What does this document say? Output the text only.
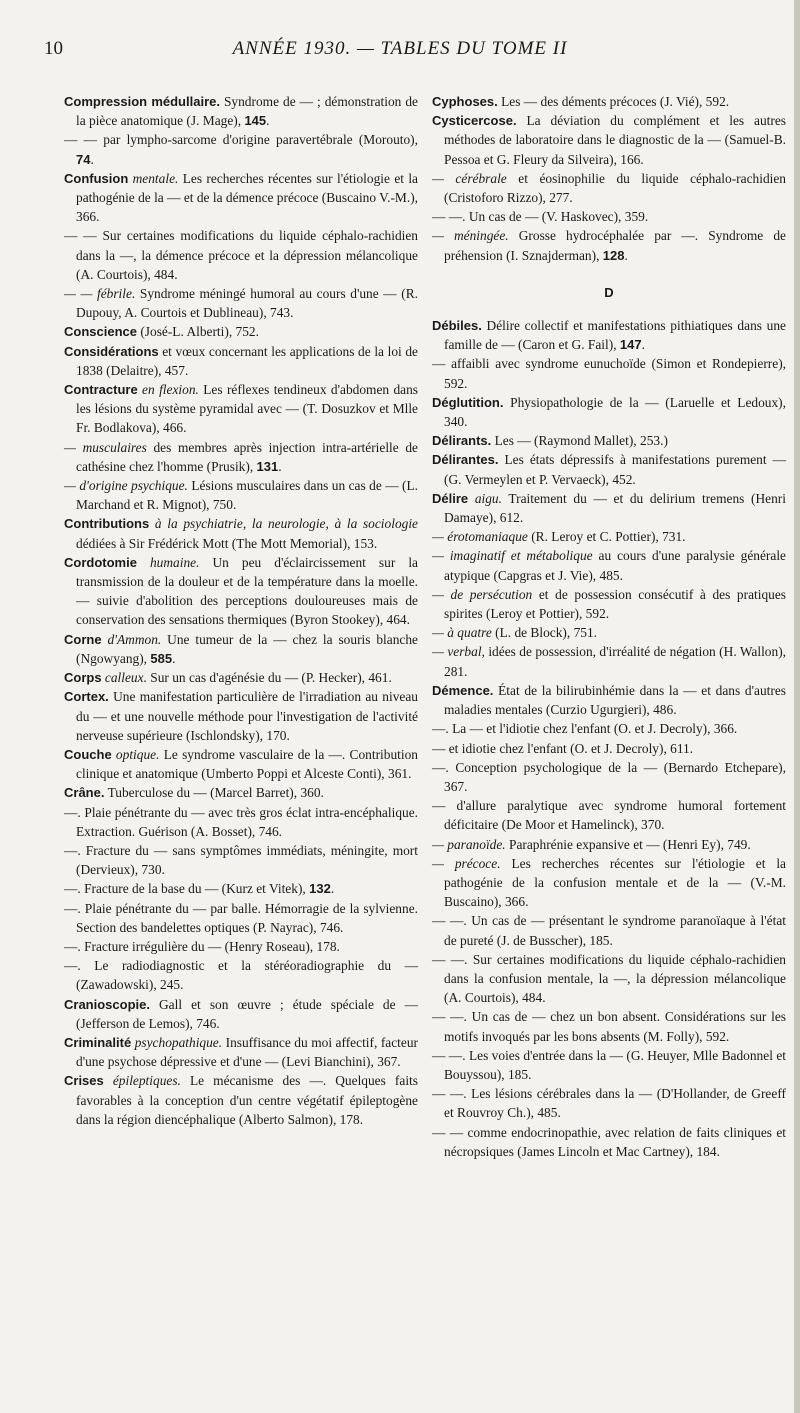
10	ANNÉE 1930. — TABLES DU TOME II

Compression médullaire. Syndrome de — ; démonstration de la pièce anatomique (J. Mage), 145.

— — par lympho-sarcome d'origine paravertébrale (Morouto), 74.

Confusion mentale. Les recherches récentes sur l'étiologie et la pathogénie de la — et de la démence précoce (Buscaino V.-M.), 366.

— — Sur certaines modifications du liquide céphalo-rachidien dans la —, la démence précoce et la dépression mélancolique (A. Courtois), 484.

— — fébrile. Syndrome méningé humoral au cours d'une — (R. Dupouy, A. Courtois et Dublineau), 743.

Conscience (José-L. Alberti), 752.

Considérations et vœux concernant les applications de la loi de 1838 (Delaitre), 457.

Contracture en flexion. Les réflexes tendineux d'abdomen dans les lésions du système pyramidal avec — (T. Dosuzkov et Mlle Fr. Bodlakova), 466.

— musculaires des membres après injection intra-artérielle de cathésine chez l'homme (Prusik), 131.

— d'origine psychique. Lésions musculaires dans un cas de — (L. Marchand et R. Mignot), 750.

Contributions à la psychiatrie, la neurologie, à la sociologie dédiées à Sir Frédérick Mott (The Mott Memorial), 153.

Cordotomie humaine. Un peu d'éclaircissement sur la transmission de la douleur et de la température dans la moelle. — suivie d'abolition des perceptions douloureuses mais de conservation des sensations thermiques (Byron Stookey), 464.

Corne d'Ammon. Une tumeur de la — chez la souris blanche (Ngowyang), 585.

Corps calleux. Sur un cas d'agénésie du — (P. Hecker), 461.

Cortex. Une manifestation particulière de l'irradiation au niveau du — et une nouvelle méthode pour l'investigation de l'activité nerveuse supérieure (Ischlondsky), 170.

Couche optique. Le syndrome vasculaire de la —. Contribution clinique et anatomique (Umberto Poppi et Alceste Conti), 361.

Crâne. Tuberculose du — (Marcel Barret), 360.

—. Plaie pénétrante du — avec très gros éclat intra-encéphalique. Extraction. Guérison (A. Bosset), 746.

—. Fracture du — sans symptômes immédiats, méningite, mort (Dervieux), 730.

—. Fracture de la base du — (Kurz et Vitek), 132.

—. Plaie pénétrante du — par balle. Hémorragie de la sylvienne. Section des bandelettes optiques (P. Nayrac), 746.

—. Fracture irrégulière du — (Henry Roseau), 178.

—. Le radiodiagnostic et la stéréoradiographie du — (Zawadowski), 245.

Cranioscopie. Gall et son œuvre ; étude spéciale de — (Jefferson de Lemos), 746.

Criminalité psychopathique. Insuffisance du moi affectif, facteur d'une psychose dépressive et d'une — (Levi Bianchini), 367.

Crises épileptiques. Le mécanisme des —. Quelques faits favorables à la conception d'un centre végétatif épileptogène dans la région diencéphalique (Alberto Salmon), 178.

Cyphoses. Les — des déments précoces (J. Vié), 592.

Cysticercose. La déviation du complément et les autres méthodes de laboratoire dans le diagnostic de la — (Samuel-B. Pessoa et G. Fleury da Silveira), 166.

— cérébrale et éosinophilie du liquide céphalo-rachidien (Cristoforo Rizzo), 277.

— —. Un cas de — (V. Haskovec), 359.

— méningée. Grosse hydrocéphalée par —. Syndrome de préhension (I. Sznajderman), 128.

D

Débiles. Délire collectif et manifestations pithiatiques dans une famille de — (Caron et G. Fail), 147.

— affaibli avec syndrome eunuchoïde (Simon et Rondepierre), 592.

Déglutition. Physiopathologie de la — (Laruelle et Ledoux), 340.

Délirants. Les — (Raymond Mallet), 253.)

Délirantes. Les états dépressifs à manifestations purement — (G. Vermeylen et P. Vervaeck), 452.

Délire aigu. Traitement du — et du delirium tremens (Henri Damaye), 612.

— érotomaniaque (R. Leroy et C. Pottier), 731.

— imaginatif et métabolique au cours d'une paralysie générale atypique (Capgras et J. Vie), 485.

— de persécution et de possession consécutif à des pratiques spirites (Leroy et Pottier), 592.

— à quatre (L. de Block), 751.

— verbal, idées de possession, d'irréalité de négation (H. Wallon), 281.

Démence. État de la bilirubinhémie dans la — et dans d'autres maladies mentales (Curzio Ugurgieri), 486.

—. La — et l'idiotie chez l'enfant (O. et J. Decroly), 366.

— et idiotie chez l'enfant (O. et J. Decroly), 611.

—. Conception psychologique de la — (Bernardo Etchepare), 367.

— d'allure paralytique avec syndrome humoral fortement déficitaire (De Moor et Hamelinck), 370.

— paranoïde. Paraphrénie expansive et — (Henri Ey), 749.

— précoce. Les recherches récentes sur l'étiologie et la pathogénie de la confusion mentale et de la — (V.-M. Buscaino), 366.

— —. Un cas de — présentant le syndrome paranoïaque à l'état de pureté (J. de Busscher), 185.

— —. Sur certaines modifications du liquide céphalo-rachidien dans la confusion mentale, la —, la dépression mélancolique (A. Courtois), 484.

— —. Un cas de — chez un bon absent. Considérations sur les motifs invoqués par les bons absents (M. Folly), 592.

— —. Les voies d'entrée dans la — (G. Heuyer, Mlle Badonnel et Bouyssou), 185.

— —. Les lésions cérébrales dans la — (D'Hollander, de Greeff et Rouvroy Ch.), 485.

— — comme endocrinopathie, avec relation de faits cliniques et nécropsiques (James Lincoln et Mac Cartney), 184.
